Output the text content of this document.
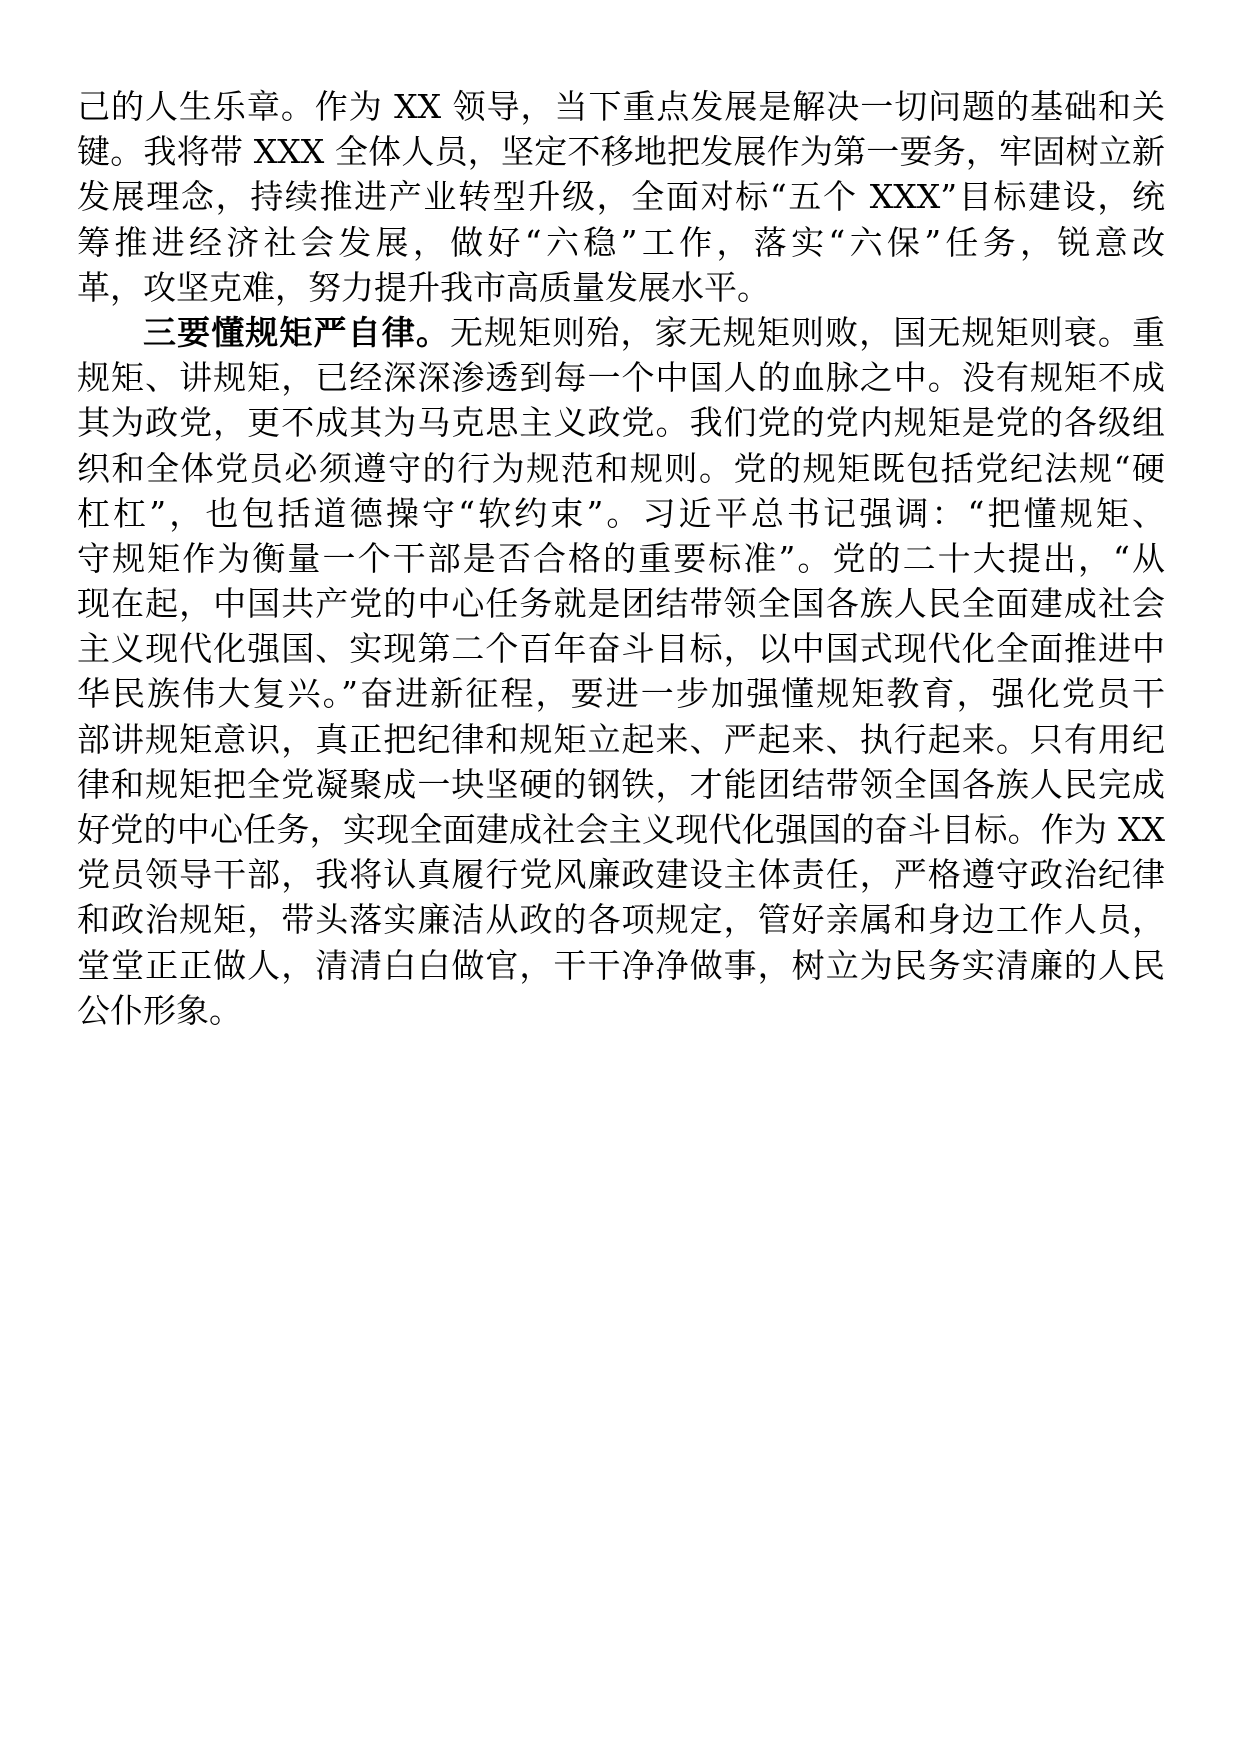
己的人生乐章。作为 XX 领导，当下重点发展是解决一切问题的基础和关
键。我将带 XXX 全体人员，坚定不移地把发展作为第一要务，牢固树立新
发展理念，持续推进产业转型升级，全面对标“五个 XXX”目标建设，统
筹推进经济社会发展，做好“六稳”工作，落实“六保”任务，锐意改
革，攻坚克难，努力提升我市高质量发展水平。
三要懂规矩严自律。无规矩则殆，家无规矩则败，国无规矩则衰。重
规矩、讲规矩，已经深深渗透到每一个中国人的血脉之中。没有规矩不成
其为政党，更不成其为马克思主义政党。我们党的党内规矩是党的各级组
织和全体党员必须遵守的行为规范和规则。党的规矩既包括党纪法规“硬
杠杠”，也包括道德操守“软约束”。习近平总书记强调：“把懂规矩、
守规矩作为衡量一个干部是否合格的重要标准”。党的二十大提出，“从
现在起，中国共产党的中心任务就是团结带领全国各族人民全面建成社会
主义现代化强国、实现第二个百年奋斗目标，以中国式现代化全面推进中
华民族伟大复兴。”奋进新征程，要进一步加强懂规矩教育，强化党员干
部讲规矩意识，真正把纪律和规矩立起来、严起来、执行起来。只有用纪
律和规矩把全党凝聚成一块坚硬的钢铁，才能团结带领全国各族人民完成
好党的中心任务，实现全面建成社会主义现代化强国的奋斗目标。作为 XX
党员领导干部，我将认真履行党风廉政建设主体责任，严格遵守政治纪律
和政治规矩，带头落实廉洁从政的各项规定，管好亲属和身边工作人员，
堂堂正正做人，清清白白做官，干干净净做事，树立为民务实清廉的人民
公仆形象。
